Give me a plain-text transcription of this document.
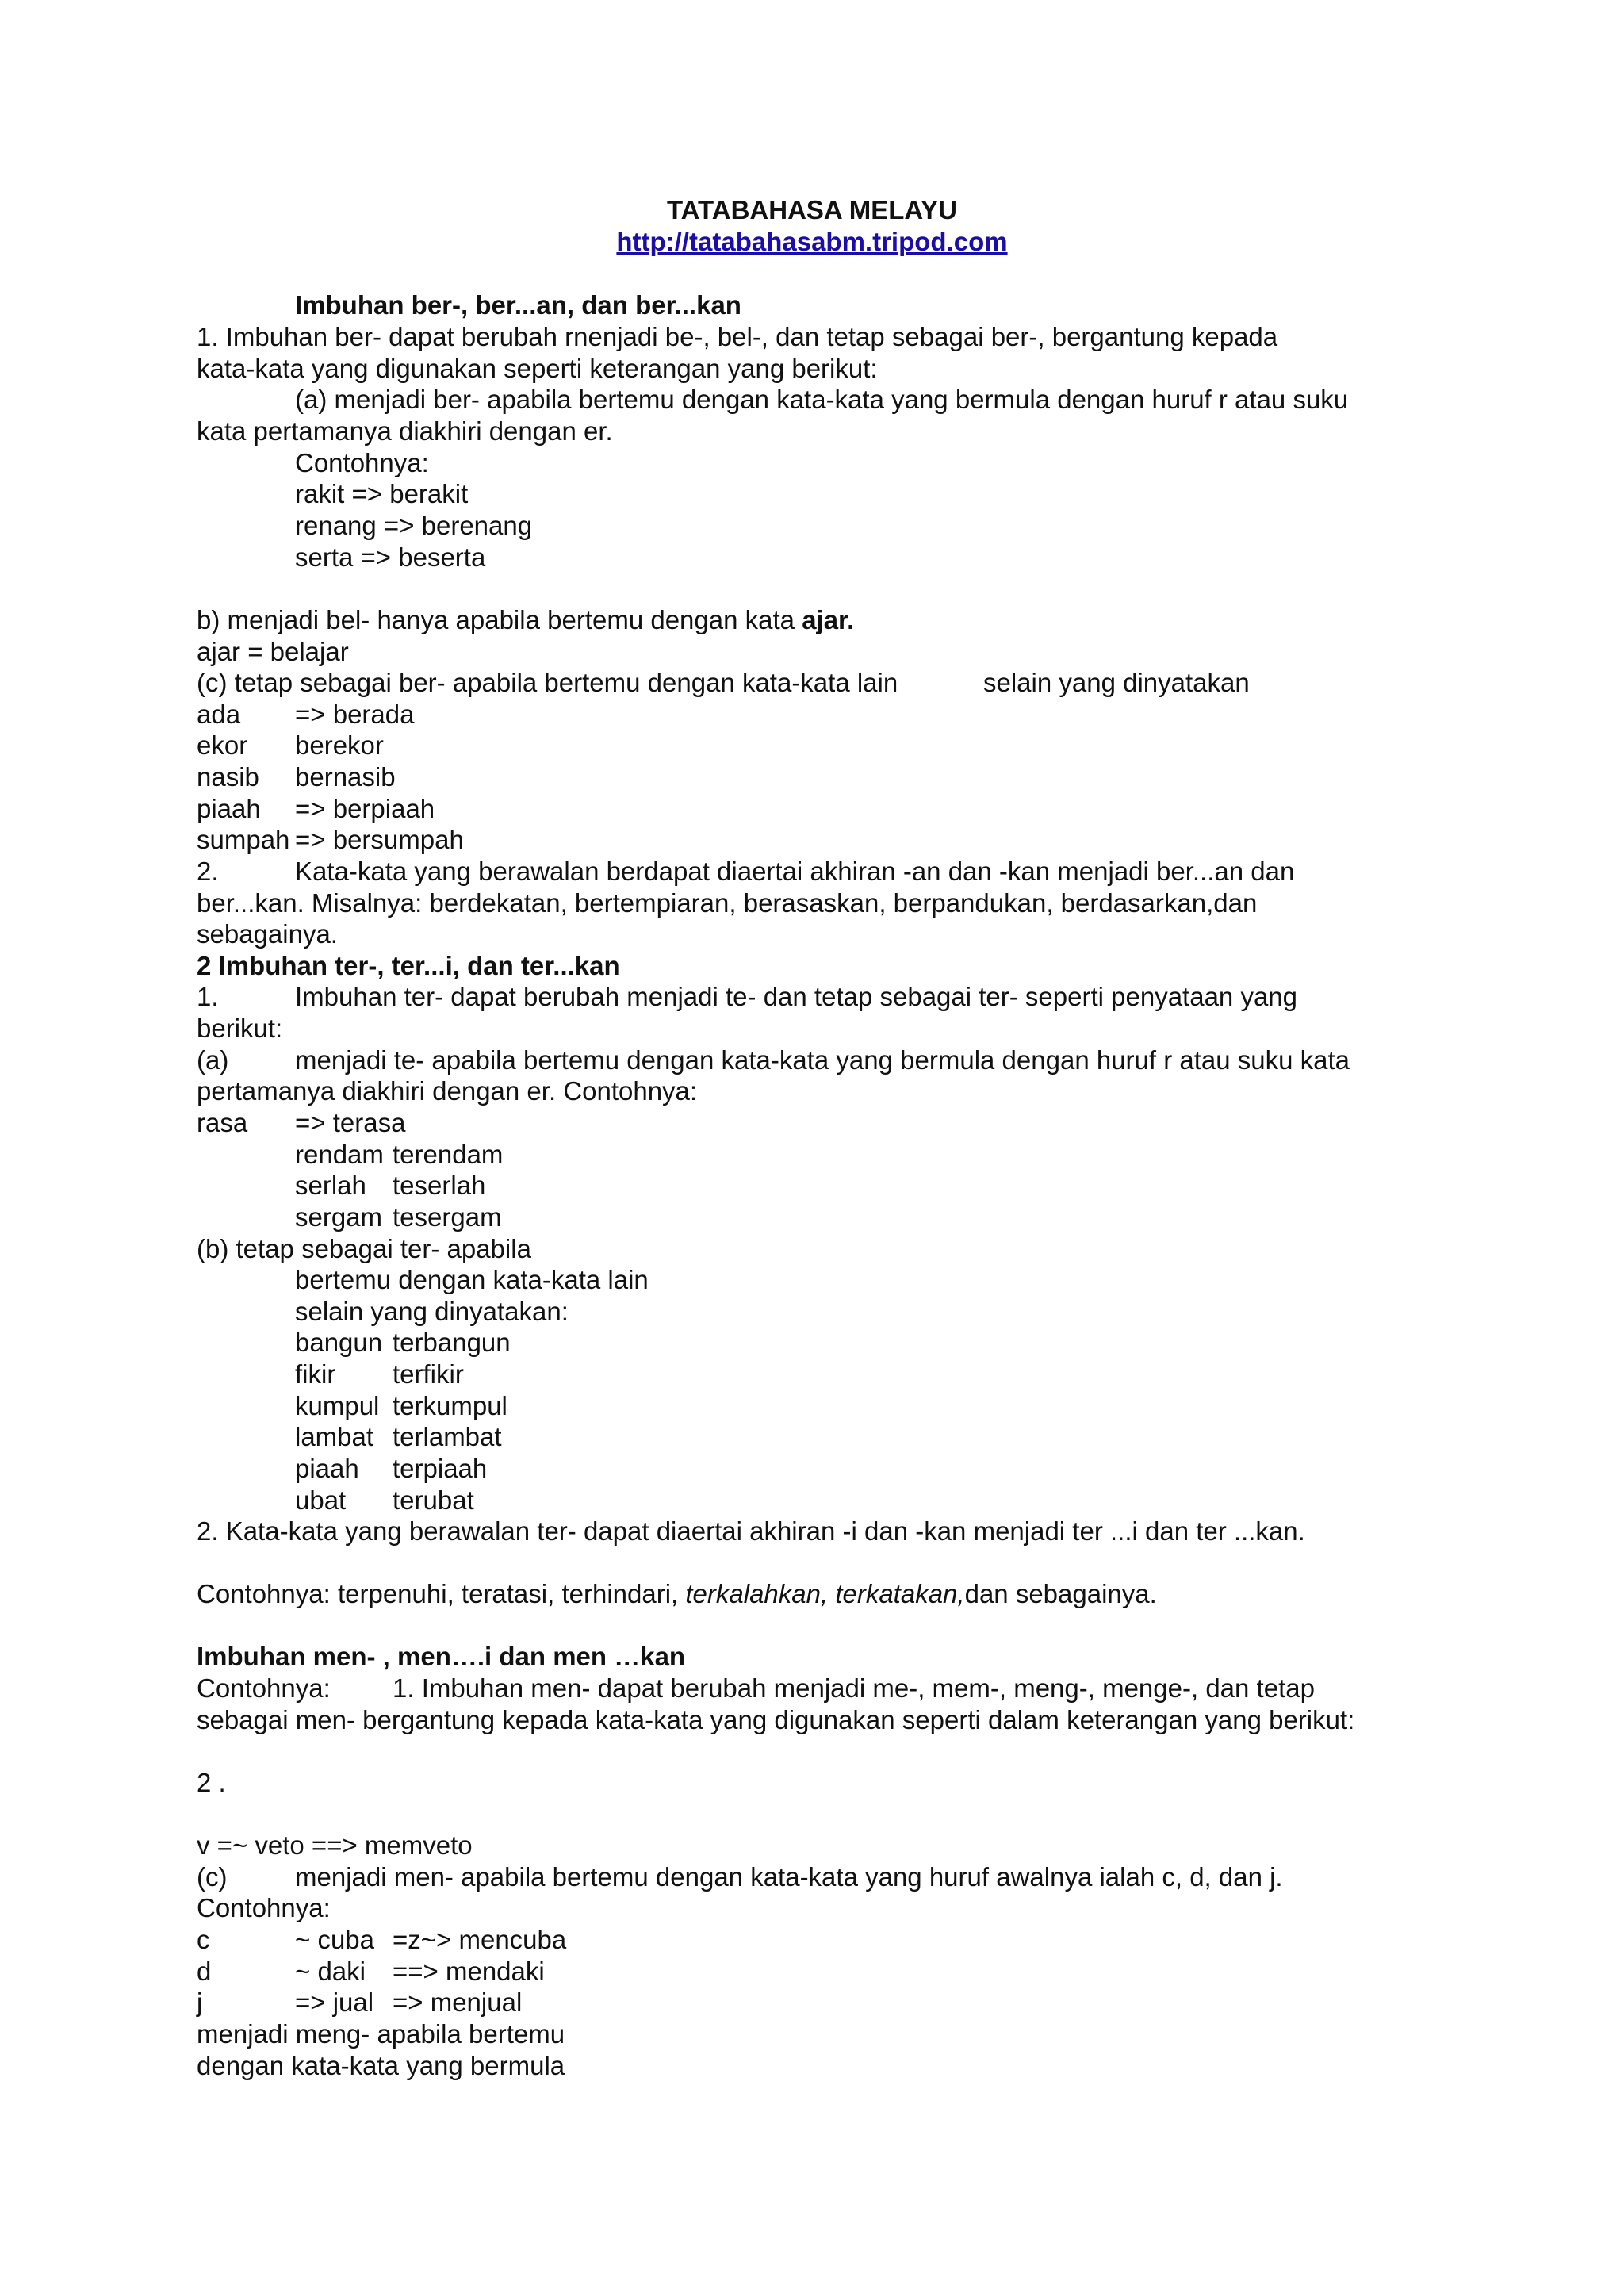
TATABAHASA MELAYU
http://tatabahasabm.tripod.com
Imbuhan ber-, ber...an, dan ber...kan
1. Imbuhan ber- dapat berubah rnenjadi be-, bel-, dan tetap sebagai ber-, bergantung kepada
kata-kata yang digunakan seperti keterangan yang berikut:
(a) menjadi ber- apabila bertemu dengan kata-kata yang bermula dengan huruf r atau suku
kata pertamanya diakhiri dengan er.
Contohnya:
rakit => berakit
renang => berenang
serta => beserta
b) menjadi bel- hanya apabila bertemu dengan kata ajar.
ajar = belajar
(c) tetap sebagai ber- apabila bertemu dengan kata-kata lain	selain yang dinyatakan
ada => berada
ekor berekor
nasib bernasib
piaah => berpiaah
sumpah => bersumpah
2.	Kata-kata yang berawalan berdapat diaertai akhiran -an dan -kan menjadi ber...an dan
ber...kan. Misalnya: berdekatan, bertempiaran, berasaskan, berpandukan, berdasarkan,dan
sebagainya.
2 Imbuhan ter-, ter...i, dan ter...kan
1.	Imbuhan ter- dapat berubah menjadi te- dan tetap sebagai ter- seperti penyataan yang
berikut:
(a)	menjadi te- apabila bertemu dengan kata-kata yang bermula dengan huruf r atau suku kata
pertamanya diakhiri dengan er. Contohnya:
rasa => terasa
rendam terendam
serlah teserlah
sergam tesergam
(b) tetap sebagai ter- apabila
bertemu dengan kata-kata lain
selain yang dinyatakan:
bangun terbangun
fikir terfikir
kumpul terkumpul
lambat terlambat
piaah terpiaah
ubat terubat
2. Kata-kata yang berawalan ter- dapat diaertai akhiran -i dan -kan menjadi ter ...i dan ter ...kan.
Contohnya: terpenuhi, teratasi, terhindari, terkalahkan, terkatakan,dan sebagainya.
Imbuhan men- , men….i dan men …kan
Contohnya: 1. Imbuhan men- dapat berubah menjadi me-, mem-, meng-, menge-, dan tetap
sebagai men- bergantung kepada kata-kata yang digunakan seperti dalam keterangan yang berikut:
2 .
v =~ veto ==> memveto
(c)	menjadi men- apabila bertemu dengan kata-kata yang huruf awalnya ialah c, d, dan j.
Contohnya:
c	~ cuba =z~> mencuba
d	~ daki ==> mendaki
j	=> jual => menjual
menjadi meng- apabila bertemu
dengan kata-kata yang bermula
